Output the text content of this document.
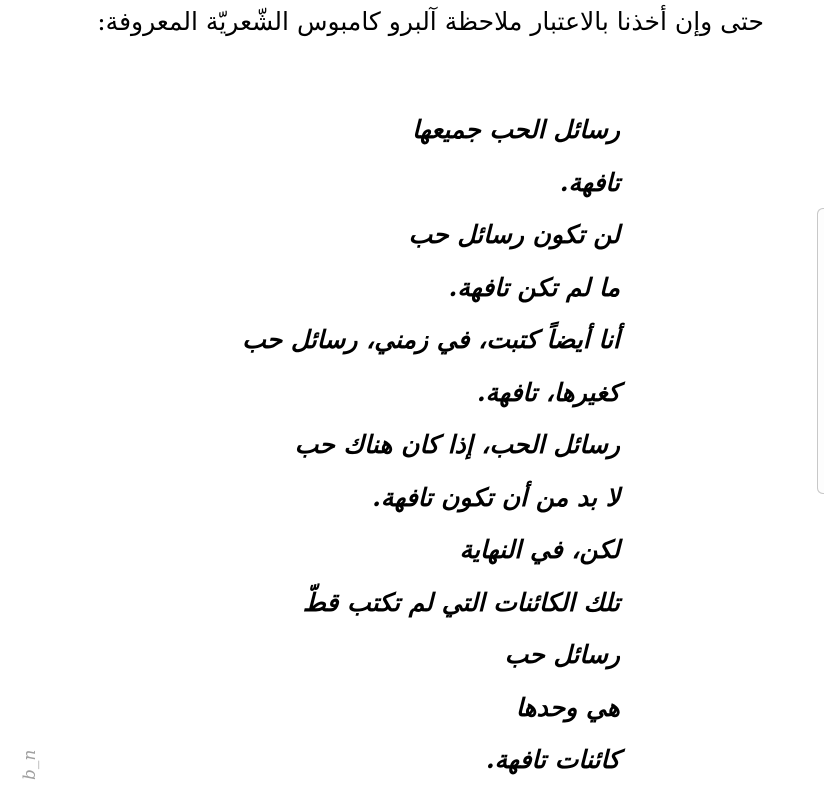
حتى وإن أخذنا بالاعتبار ملاحظة آلبرو كامبوس الشّعريّة المعروفة:
رسائل الحب جميعها
تافهة.
لن تكون رسائل حب
ما لم تكن تافهة.
أنا أيضاً كتبت، في زمني، رسائل حب
كغيرها، تافهة.
رسائل الحب، إذا كان هناك حب
لا بد من أن تكون تافهة.
لكن، في النهاية
تلك الكائنات التي لم تكتب قطّ
رسائل حب
هي وحدها
كائنات تافهة.
b_n
